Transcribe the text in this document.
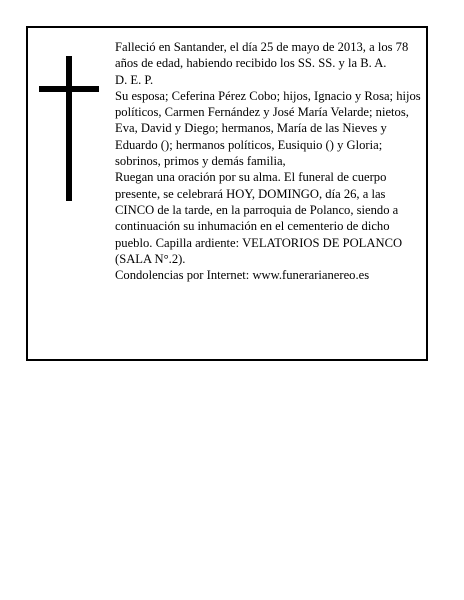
Falleció en Santander, el día 25 de mayo de 2013, a los 78 años de edad, habiendo recibido los SS. SS. y la B. A.

D. E. P.

Su esposa; Ceferina Pérez Cobo; hijos, Ignacio y Rosa; hijos políticos, Carmen Fernández y José María Velarde; nietos, Eva, David y Diego; hermanos, María de las Nieves y Eduardo (); hermanos políticos, Eusiquio () y Gloria; sobrinos, primos y demás familia,

Ruegan una oración por su alma. El funeral de cuerpo presente, se celebrará HOY, DOMINGO, día 26, a las CINCO de la tarde, en la parroquia de Polanco, siendo a continuación su inhumación en el cementerio de dicho pueblo. Capilla ardiente: VELATORIOS DE POLANCO (SALA N°.2).

Condolencias por Internet: www.funerarianereo.es
